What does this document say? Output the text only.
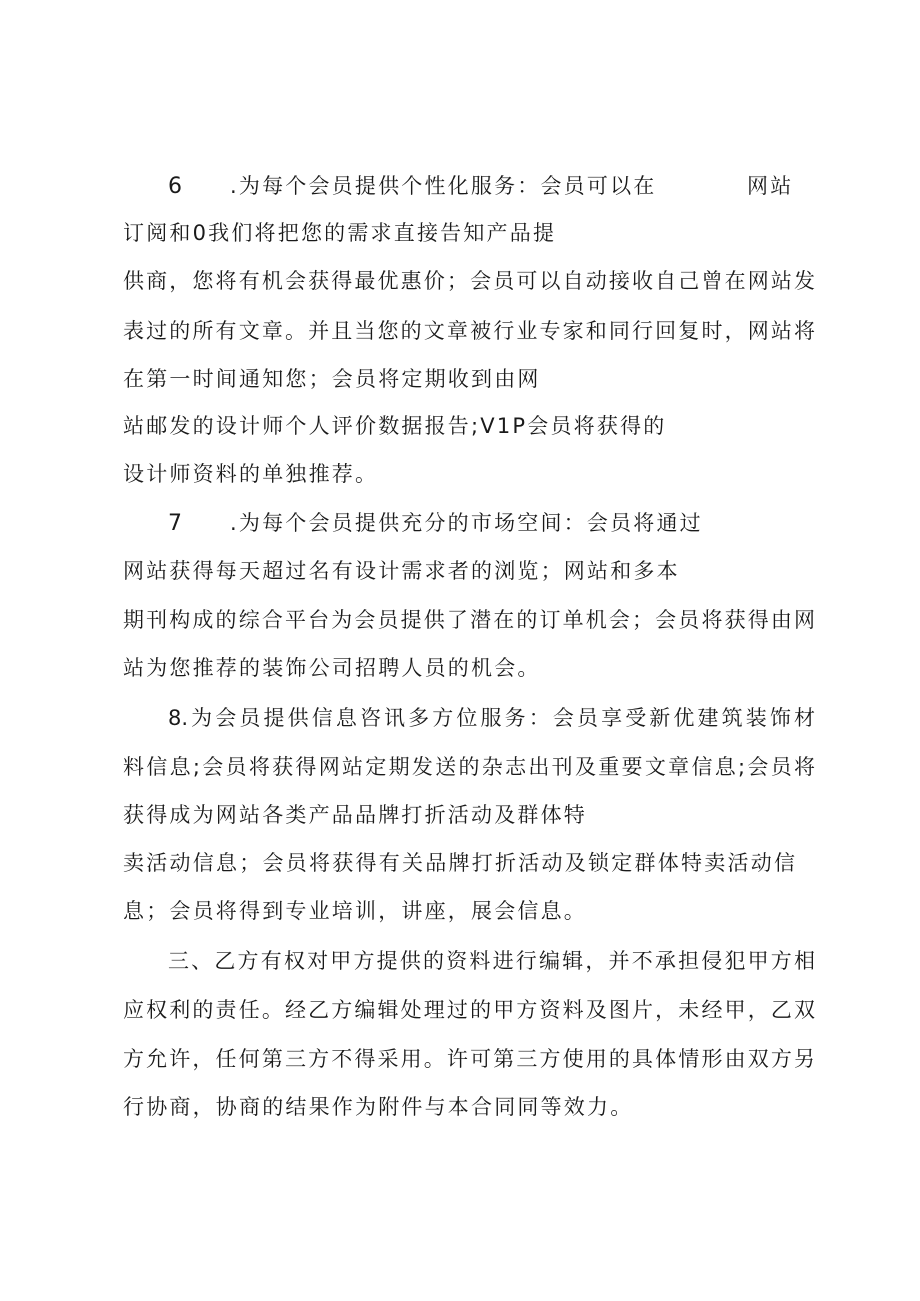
6 .为每个会员提供个性化服务：会员可以在	网站
订阅和0我们将把您的需求直接告知产品提
供商，您将有机会获得最优惠价；会员可以自动接收自己曾在网站发
表过的所有文章。并且当您的文章被行业专家和同行回复时，网站将
在第一时间通知您；会员将定期收到由网
站邮发的设计师个人评价数据报告;V1P会员将获得的
设计师资料的单独推荐。
7 .为每个会员提供充分的市场空间：会员将通过
网站获得每天超过名有设计需求者的浏览；网站和多本
期刊构成的综合平台为会员提供了潜在的订单机会；会员将获得由网
站为您推荐的装饰公司招聘人员的机会。
8.为会员提供信息咨讯多方位服务：会员享受新优建筑装饰材
料信息;会员将获得网站定期发送的杂志出刊及重要文章信息;会员将
获得成为网站各类产品品牌打折活动及群体特
卖活动信息；会员将获得有关品牌打折活动及锁定群体特卖活动信
息；会员将得到专业培训，讲座，展会信息。
三、乙方有权对甲方提供的资料进行编辑，并不承担侵犯甲方相
应权利的责任。经乙方编辑处理过的甲方资料及图片，未经甲，乙双
方允许，任何第三方不得采用。许可第三方使用的具体情形由双方另
行协商，协商的结果作为附件与本合同同等效力。
